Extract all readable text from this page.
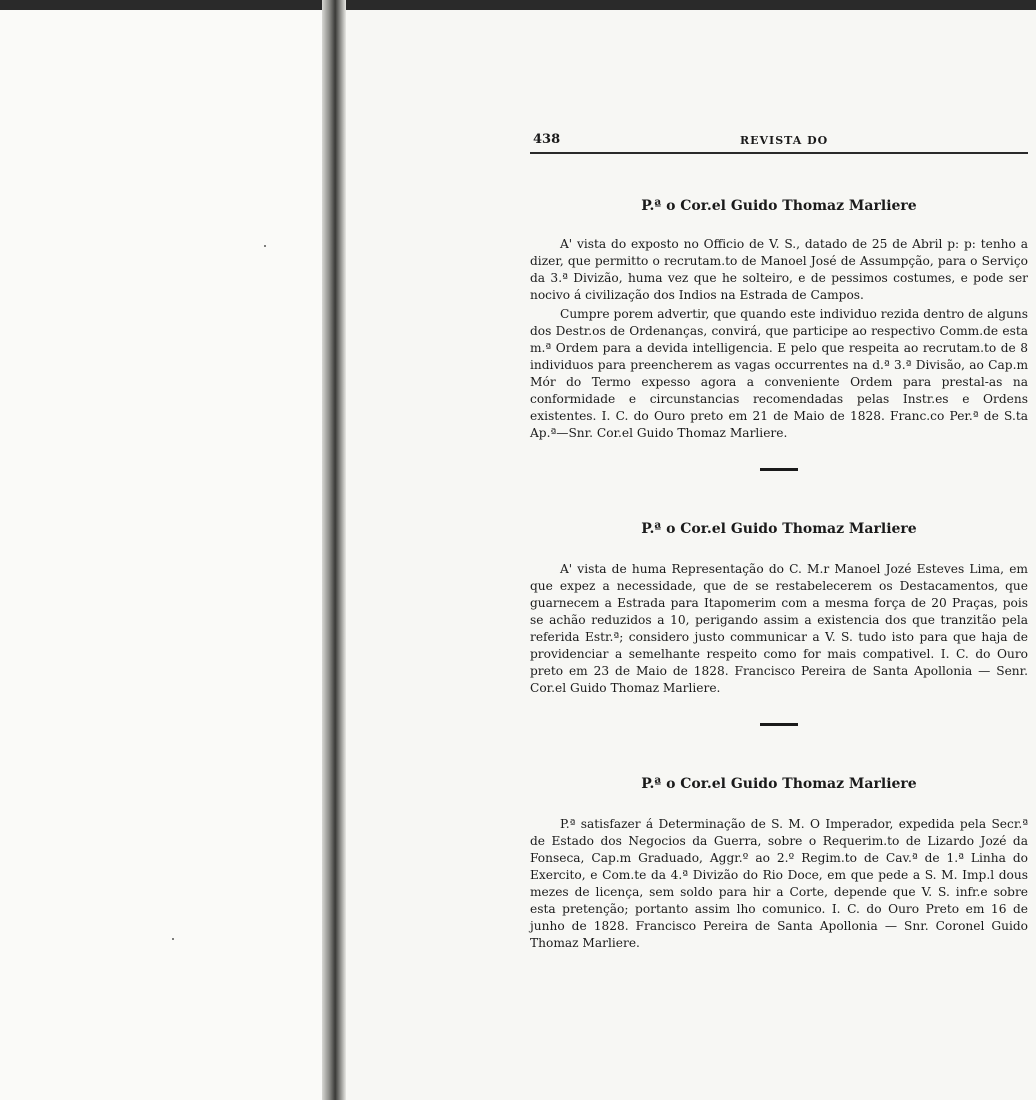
438	REVISTA DO
P.ª o Cor.el Guido Thomaz Marliere

A' vista do exposto no Officio de V. S., datado de 25 de Abril p: p: tenho a dizer, que permitto o recrutam.to de Manoel José de Assumpção, para o Serviço da 3.ª Divizão, huma vez que he solteiro, e de pessimos costumes, e pode ser nocivo á civilização dos Indios na Estrada de Campos.

Cumpre porem advertir, que quando este individuo rezida dentro de alguns dos Destr.os de Ordenanças, convirá, que participe ao respectivo Comm.de esta m.ª Ordem para a devida intelligencia. E pelo que respeita ao recrutam.to de 8 individuos para preencherem as vagas occurrentes na d.ª 3.ª Divisão, ao Cap.m Mór do Termo expesso agora a conveniente Ordem para prestal-as na conformidade e circunstancias recomendadas pelas Instr.es e Ordens existentes. I. C. do Ouro preto em 21 de Maio de 1828. Franc.co Per.ª de S.ta Ap.ª—Snr. Cor.el Guido Thomaz Marliere.

P.ª o Cor.el Guido Thomaz Marliere

A' vista de huma Representação do C. M.r Manoel Jozé Esteves Lima, em que expez a necessidade, que de se restabelecerem os Destacamentos, que guarnecem a Estrada para Itapomerim com a mesma força de 20 Praças, pois se achão reduzidos a 10, perigando assim a existencia dos que tranzitão pela referida Estr.ª; considero justo communicar a V. S. tudo isto para que haja de providenciar a semelhante respeito como for mais compativel. I. C. do Ouro preto em 23 de Maio de 1828. Francisco Pereira de Santa Apollonia — Senr. Cor.el Guido Thomaz Marliere.

P.ª o Cor.el Guido Thomaz Marliere

P.ª satisfazer á Determinação de S. M. O Imperador, expedida pela Secr.ª de Estado dos Negocios da Guerra, sobre o Requerim.to de Lizardo Jozé da Fonseca, Cap.m Graduado, Aggr.º ao 2.º Regim.to de Cav.ª de 1.ª Linha do Exercito, e Com.te da 4.ª Divizão do Rio Doce, em que pede a S. M. Imp.l dous mezes de licença, sem soldo para hir a Corte, depende que V. S. infr.e sobre esta pretenção; portanto assim lho comunico. I. C. do Ouro Preto em 16 de junho de 1828. Francisco Pereira de Santa Apollonia — Snr. Coronel Guido Thomaz Marliere.
